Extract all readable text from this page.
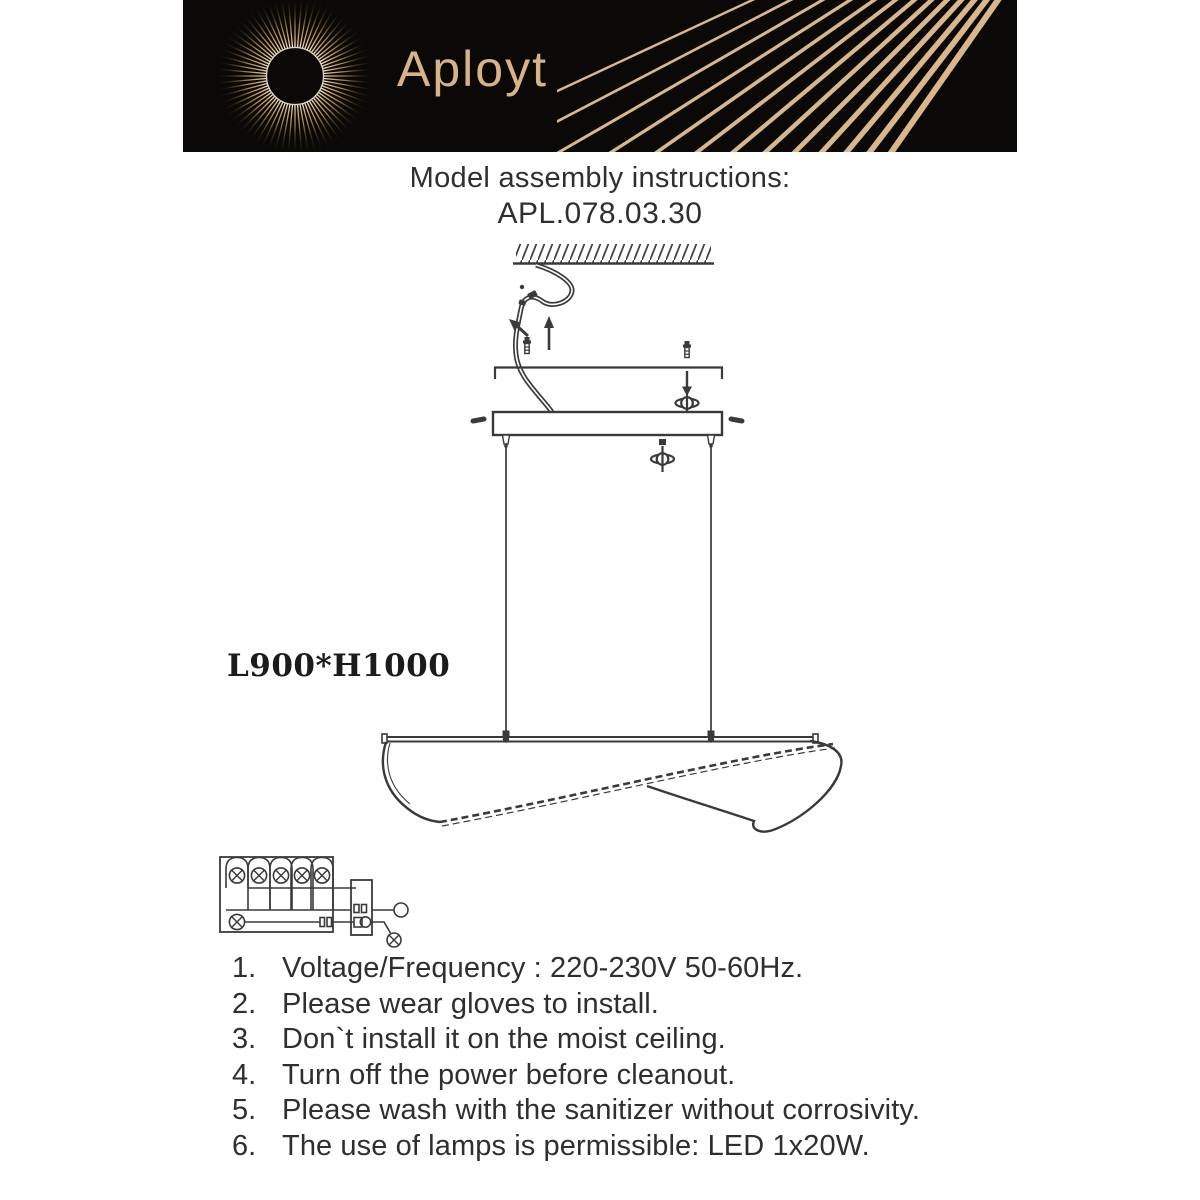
Aployt
Model assembly instructions:
APL.078.03.30
L900*H1000
1. Voltage/Frequency : 220-230V 50-60Hz.
2. Please wear gloves to install.
3. Don`t install it on the moist ceiling.
4. Turn off the power before cleanout.
5. Please wash with the sanitizer without corrosivity.
6. The use of lamps is permissible: LED 1x20W.
